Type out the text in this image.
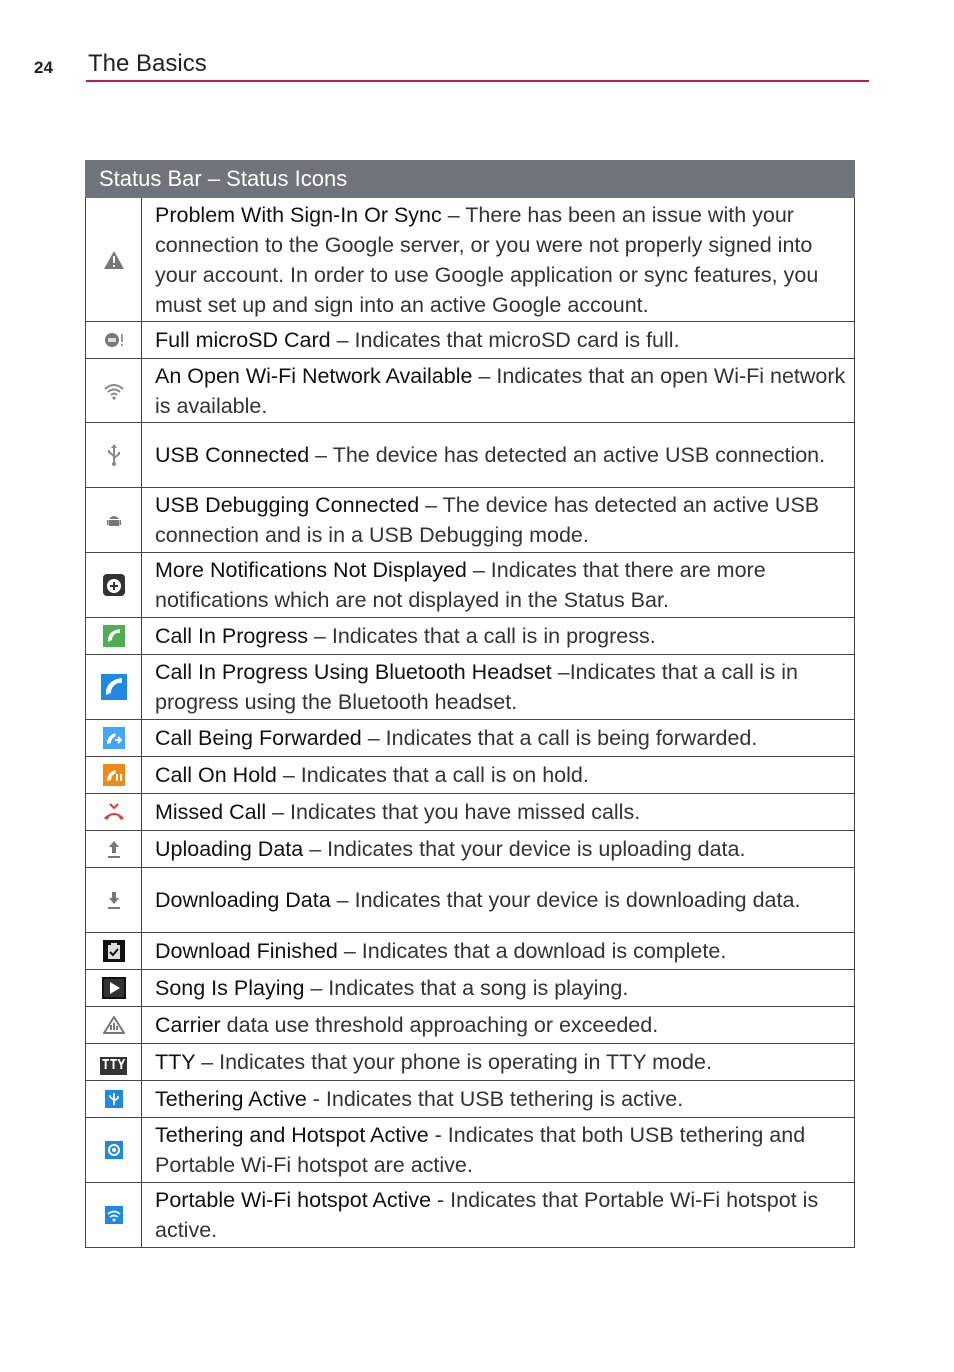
24 The Basics
Status Bar – Status Icons	

	Problem With Sign-In Or Sync – There has been an issue with your connection to the Google server, or you were not properly signed into your account. In order to use Google application or sync features, you must set up and sign into an active Google account.

	Full microSD Card – Indicates that microSD card is full.

	An Open Wi-Fi Network Available – Indicates that an open Wi-Fi network is available.

	USB Connected – The device has detected an active USB connection.

	USB Debugging Connected – The device has detected an active USB connection and is in a USB Debugging mode.

	More Notifications Not Displayed – Indicates that there are more notifications which are not displayed in the Status Bar.

	Call In Progress – Indicates that a call is in progress.

	Call In Progress Using Bluetooth Headset –Indicates that a call is in progress using the Bluetooth headset.

	Call Being Forwarded – Indicates that a call is being forwarded.

	Call On Hold – Indicates that a call is on hold.

	Missed Call – Indicates that you have missed calls.

	Uploading Data – Indicates that your device is uploading data.

	Downloading Data – Indicates that your device is downloading data.

	Download Finished – Indicates that a download is complete.

	Song Is Playing – Indicates that a song is playing.

	Carrier data use threshold approaching or exceeded.
TTY	TTY – Indicates that your phone is operating in TTY mode.

	Tethering Active - Indicates that USB tethering is active.

	Tethering and Hotspot Active - Indicates that both USB tethering and Portable Wi-Fi hotspot are active.

	Portable Wi-Fi hotspot Active - Indicates that Portable Wi-Fi hotspot is active.
